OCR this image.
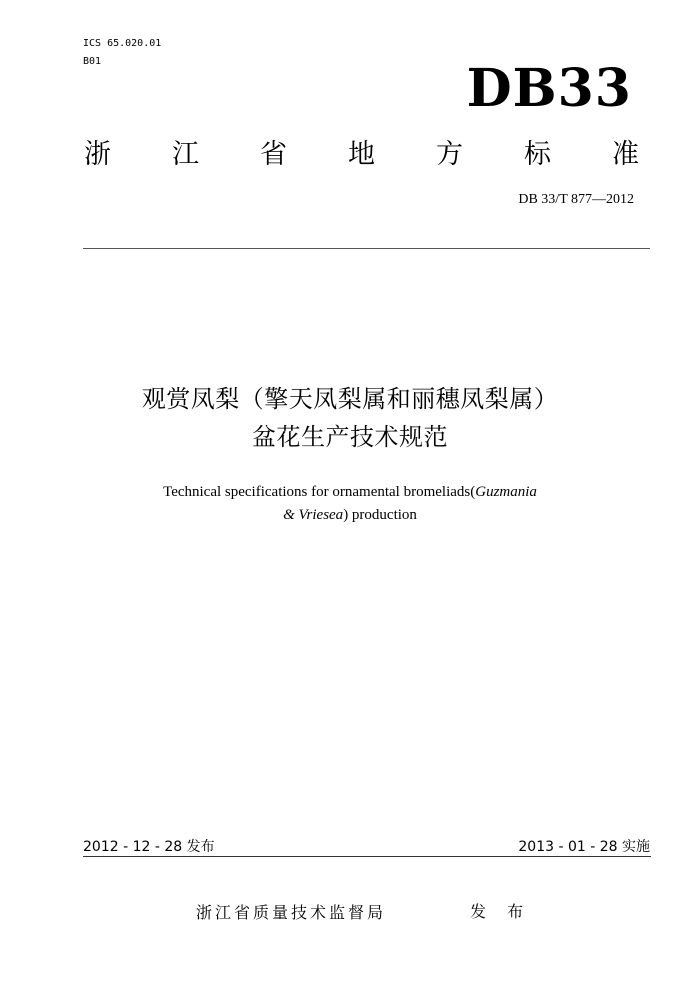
ICS 65.020.01
B01	DB33
浙 江 省 地 方 标 准
DB 33/T 877—2012
观赏凤梨（擎天凤梨属和丽穗凤梨属）
盆花生产技术规范
Technical specifications for ornamental bromeliads(Guzmania
& Vriesea) production
2012 - 12 - 28 发布	2013 - 01 - 28 实施
浙江省质量技术监督局	发 布
